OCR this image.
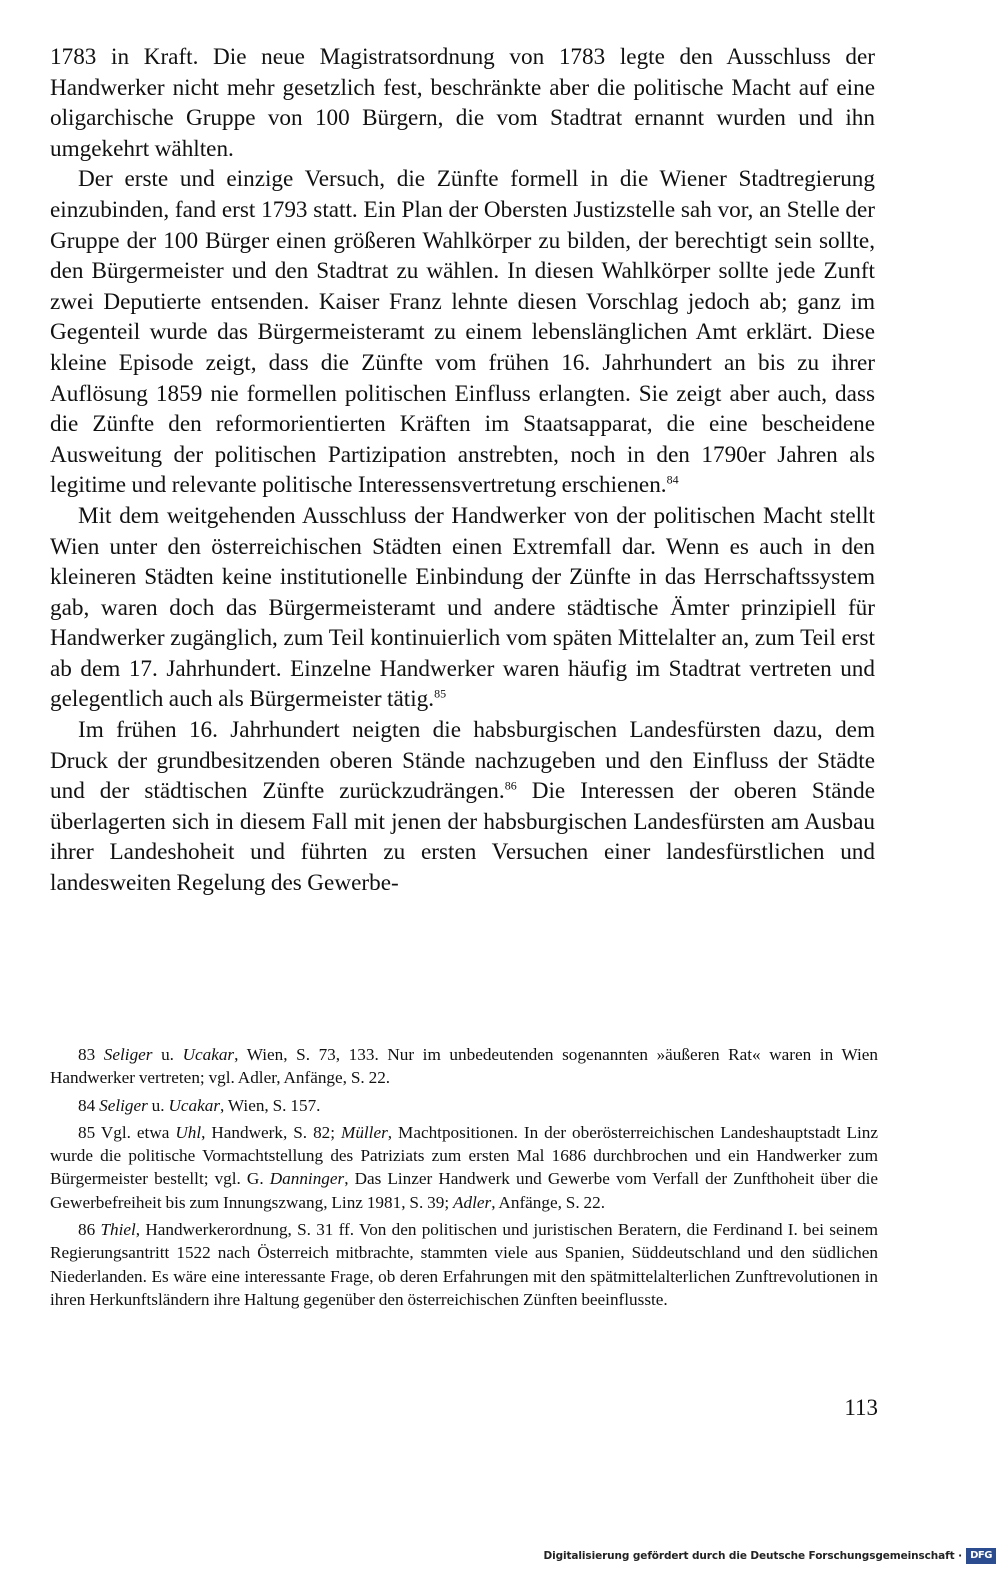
1783 in Kraft. Die neue Magistratsordnung von 1783 legte den Ausschluss der Handwerker nicht mehr gesetzlich fest, beschränkte aber die politische Macht auf eine oligarchische Gruppe von 100 Bürgern, die vom Stadtrat ernannt wurden und ihn umgekehrt wählten.

Der erste und einzige Versuch, die Zünfte formell in die Wiener Stadtregierung einzubinden, fand erst 1793 statt. Ein Plan der Obersten Justizstelle sah vor, an Stelle der Gruppe der 100 Bürger einen größeren Wahlkörper zu bilden, der berechtigt sein sollte, den Bürgermeister und den Stadtrat zu wählen. In diesen Wahlkörper sollte jede Zunft zwei Deputierte entsenden. Kaiser Franz lehnte diesen Vorschlag jedoch ab; ganz im Gegenteil wurde das Bürgermeisteramt zu einem lebenslänglichen Amt erklärt. Diese kleine Episode zeigt, dass die Zünfte vom frühen 16. Jahrhundert an bis zu ihrer Auflösung 1859 nie formellen politischen Einfluss erlangten. Sie zeigt aber auch, dass die Zünfte den reformorientierten Kräften im Staatsapparat, die eine bescheidene Ausweitung der politischen Partizipation anstrebten, noch in den 1790er Jahren als legitime und relevante politische Interessensvertretung erschienen.$^{84}$

Mit dem weitgehenden Ausschluss der Handwerker von der politischen Macht stellt Wien unter den österreichischen Städten einen Extremfall dar. Wenn es auch in den kleineren Städten keine institutionelle Einbindung der Zünfte in das Herrschaftssystem gab, waren doch das Bürgermeisteramt und andere städtische Ämter prinzipiell für Handwerker zugänglich, zum Teil kontinuierlich vom späten Mittelalter an, zum Teil erst ab dem 17. Jahrhundert. Einzelne Handwerker waren häufig im Stadtrat vertreten und gelegentlich auch als Bürgermeister tätig.$^{85}$

Im frühen 16. Jahrhundert neigten die habsburgischen Landesfürsten dazu, dem Druck der grundbesitzenden oberen Stände nachzugeben und den Einfluss der Städte und der städtischen Zünfte zurückzudrängen.$^{86}$ Die Interessen der oberen Stände überlagerten sich in diesem Fall mit jenen der habsburgischen Landesfürsten am Ausbau ihrer Landeshoheit und führten zu ersten Versuchen einer landesfürstlichen und landesweiten Regelung des Gewerbe-

83 Seliger u. Ucakar, Wien, S. 73, 133. Nur im unbedeutenden sogenannten »äußeren Rat« waren in Wien Handwerker vertreten; vgl. Adler, Anfänge, S. 22.

84 Seliger u. Ucakar, Wien, S. 157.

85 Vgl. etwa Uhl, Handwerk, S. 82; Müller, Machtpositionen. In der oberösterreichischen Landeshauptstadt Linz wurde die politische Vormachtstellung des Patriziats zum ersten Mal 1686 durchbrochen und ein Handwerker zum Bürgermeister bestellt; vgl. G. Danninger, Das Linzer Handwerk und Gewerbe vom Verfall der Zunfthoheit über die Gewerbefreiheit bis zum Innungszwang, Linz 1981, S. 39; Adler, Anfänge, S. 22.

86 Thiel, Handwerkerordnung, S. 31 ff. Von den politischen und juristischen Beratern, die Ferdinand I. bei seinem Regierungsantritt 1522 nach Österreich mitbrachte, stammten viele aus Spanien, Süddeutschland und den südlichen Niederlanden. Es wäre eine interessante Frage, ob deren Erfahrungen mit den spätmittelalterlichen Zunftrevolutionen in ihren Herkunftsländern ihre Haltung gegenüber den österreichischen Zünften beeinflusste.

113
Digitalisierung gefördert durch die Deutsche Forschungsgemeinschaft · DFG
